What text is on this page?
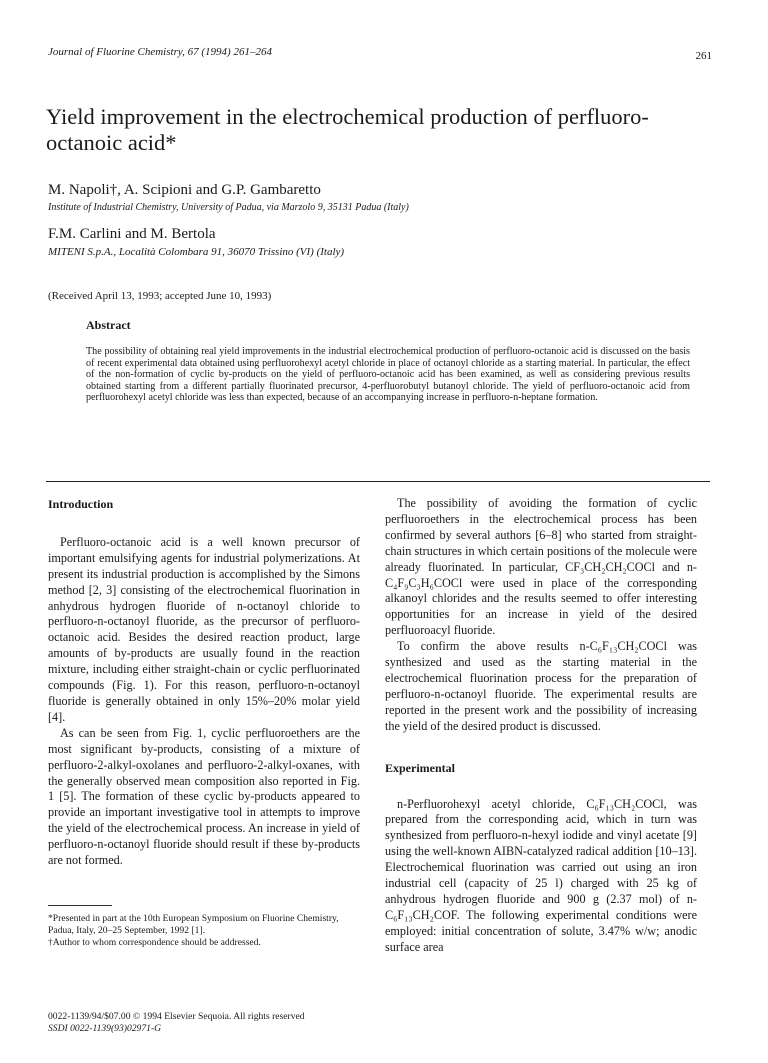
Journal of Fluorine Chemistry, 67 (1994) 261–264	261
Yield improvement in the electrochemical production of perfluoro-octanoic acid*
M. Napoli†, A. Scipioni and G.P. Gambaretto
Institute of Industrial Chemistry, University of Padua, via Marzolo 9, 35131 Padua (Italy)
F.M. Carlini and M. Bertola
MITENI S.p.A., Località Colombara 91, 36070 Trissino (VI) (Italy)
(Received April 13, 1993; accepted June 10, 1993)
Abstract
The possibility of obtaining real yield improvements in the industrial electrochemical production of perfluoro-octanoic acid is discussed on the basis of recent experimental data obtained using perfluorohexyl acetyl chloride in place of octanoyl chloride as a starting material. In particular, the effect of the non-formation of cyclic by-products on the yield of perfluoro-octanoic acid has been examined, as well as considering previous results obtained starting from a different partially fluorinated precursor, 4-perfluorobutyl butanoyl chloride. The yield of perfluoro-octanoic acid from perfluorohexyl acetyl chloride was less than expected, because of an accompanying increase in perfluoro-n-heptane formation.
Introduction

Perfluoro-octanoic acid is a well known precursor of important emulsifying agents for industrial polymerizations. At present its industrial production is accomplished by the Simons method [2, 3] consisting of the electrochemical fluorination in anhydrous hydrogen fluoride of n-octanoyl chloride to perfluoro-n-octanoyl fluoride, as the precursor of perfluoro-octanoic acid. Besides the desired reaction product, large amounts of by-products are usually found in the reaction mixture, including either straight-chain or cyclic perfluorinated compounds (Fig. 1). For this reason, perfluoro-n-octanoyl fluoride is generally obtained in only 15%–20% molar yield [4].

As can be seen from Fig. 1, cyclic perfluoroethers are the most significant by-products, consisting of a mixture of perfluoro-2-alkyl-oxolanes and perfluoro-2-alkyl-oxanes, with the generally observed mean composition also reported in Fig. 1 [5]. The formation of these cyclic by-products appeared to provide an important investigative tool in attempts to improve the yield of the electrochemical process. An increase in yield of perfluoro-n-octanoyl fluoride should result if these by-products are not formed.

*Presented in part at the 10th European Symposium on Fluorine Chemistry, Padua, Italy, 20–25 September, 1992 [1].
†Author to whom correspondence should be addressed.
0022-1139/94/$07.00 © 1994 Elsevier Sequoia. All rights reserved
SSDI 0022-1139(93)02971-G

The possibility of avoiding the formation of cyclic perfluoroethers in the electrochemical process has been confirmed by several authors [6–8] who started from straight-chain structures in which certain positions of the molecule were already fluorinated. In particular, CF₃CH₂CH₂COCl and n-C₄F₉C₃H₆COCl were used in place of the corresponding alkanoyl chlorides and the results seemed to offer interesting opportunities for an increase in yield of the desired perfluoroacyl fluoride.

To confirm the above results n-C₆F₁₃CH₂COCl was synthesized and used as the starting material in the electrochemical fluorination process for the preparation of perfluoro-n-octanoyl fluoride. The experimental results are reported in the present work and the possibility of increasing the yield of the desired product is discussed.

Experimental

n-Perfluorohexyl acetyl chloride, C₆F₁₃CH₂COCl, was prepared from the corresponding acid, which in turn was synthesized from perfluoro-n-hexyl iodide and vinyl acetate [9] using the well-known AIBN-catalyzed radical addition [10–13]. Electrochemical fluorination was carried out using an iron industrial cell (capacity of 25 l) charged with 25 kg of anhydrous hydrogen fluoride and 900 g (2.37 mol) of n-C₆F₁₃CH₂COF. The following experimental conditions were employed: initial concentration of solute, 3.47% w/w; anodic surface area
